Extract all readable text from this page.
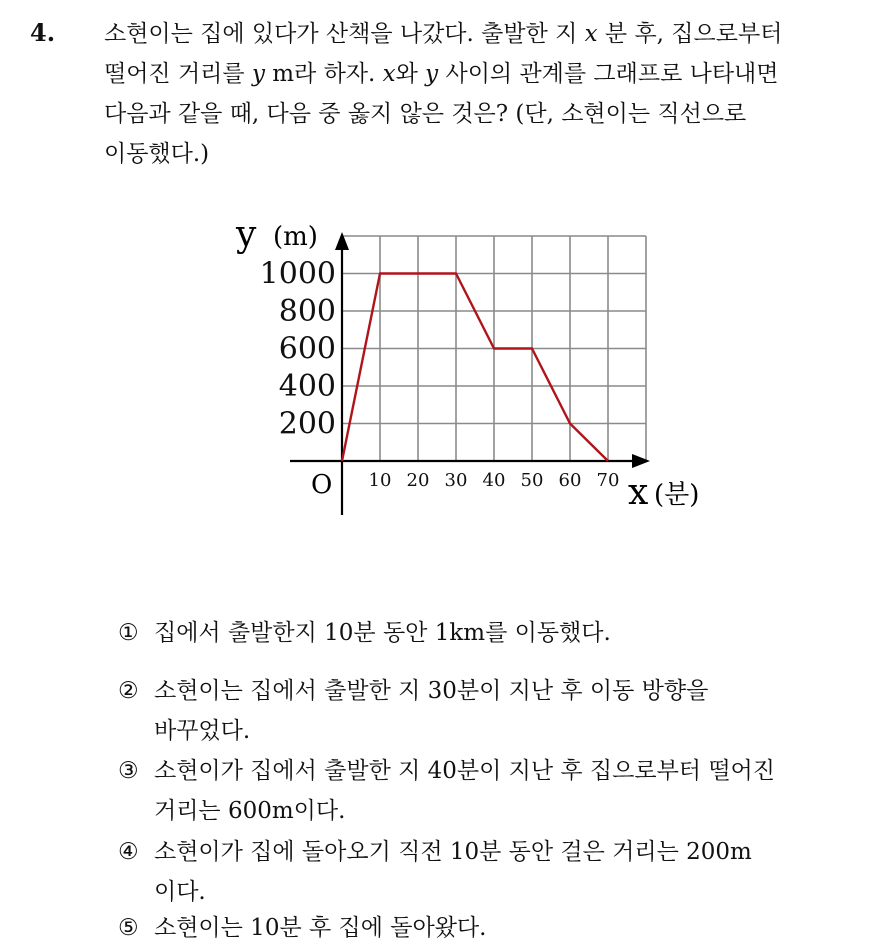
4. 소현이는 집에 있다가 산책을 나갔다. 출발한 지 x 분 후, 집으로부터
떨어진 거리를 y m라 하자. x와 y 사이의 관계를 그래프로 나타내면
다음과 같을 때, 다음 중 옳지 않은 것은? (단, 소현이는 직선으로
이동했다.)
200
400
600
800
1000
10 20 30 40 50 60 70
y (m)
x (분)
O
① 집에서 출발한지 10분 동안 1km를 이동했다.
② 소현이는 집에서 출발한 지 30분이 지난 후 이동 방향을
바꾸었다.
③ 소현이가 집에서 출발한 지 40분이 지난 후 집으로부터 떨어진
거리는 600m이다.
④ 소현이가 집에 돌아오기 직전 10분 동안 걸은 거리는 200m
이다.
⑤ 소현이는 10분 후 집에 돌아왔다.
